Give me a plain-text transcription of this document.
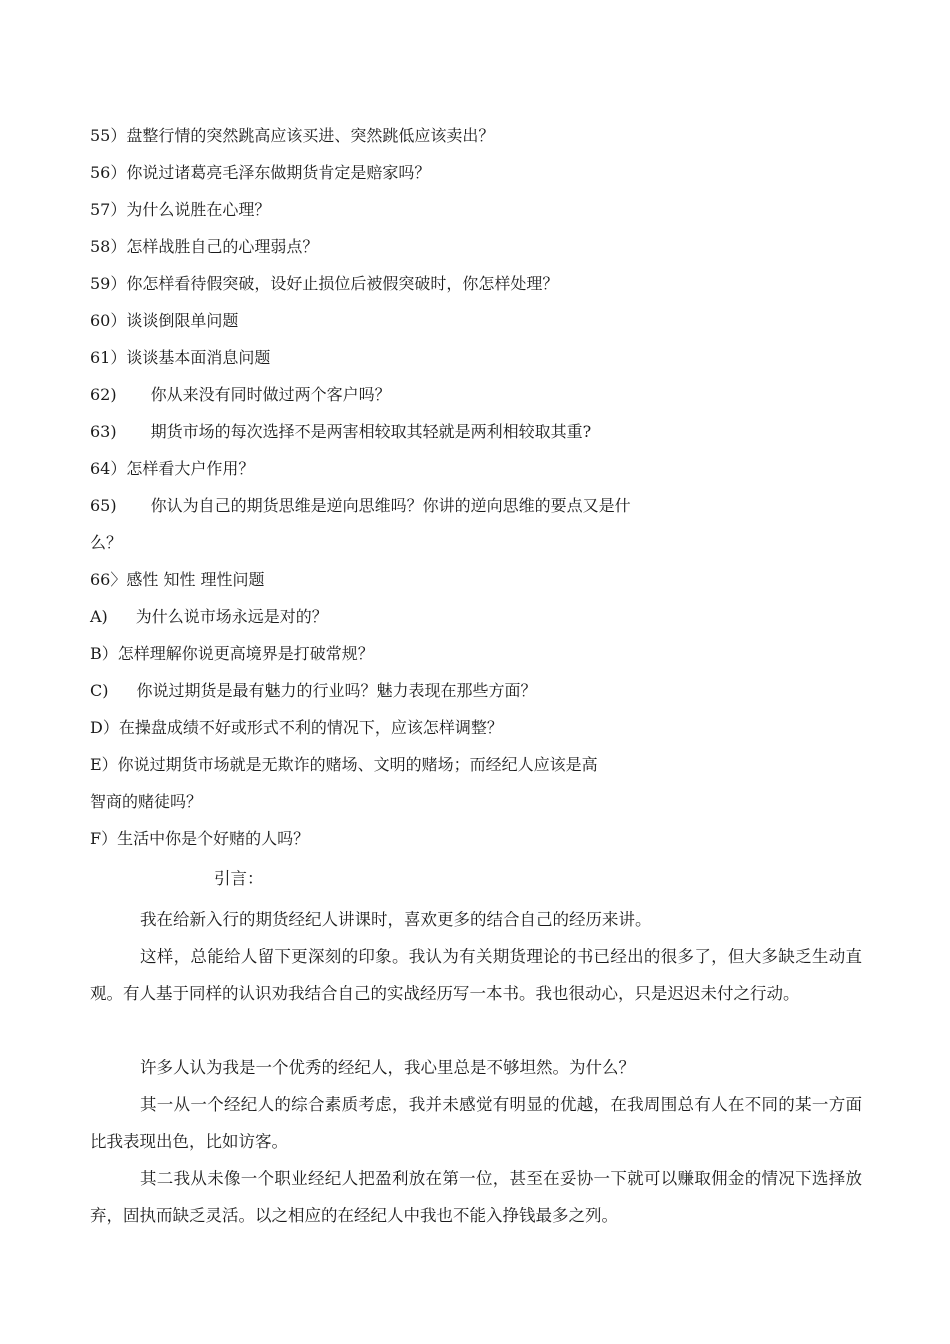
55）盘整行情的突然跳高应该买进、突然跳低应该卖出？
56）你说过诸葛亮毛泽东做期货肯定是赔家吗？
57）为什么说胜在心理？
58）怎样战胜自己的心理弱点？
59）你怎样看待假突破，设好止损位后被假突破时，你怎样处理？
60）谈谈倒限单问题
61）谈谈基本面消息问题
62) 你从来没有同时做过两个客户吗？
63) 期货市场的每次选择不是两害相较取其轻就是两利相较取其重?
64）怎样看大户作用？
65) 你认为自己的期货思维是逆向思维吗？你讲的逆向思维的要点又是什
么？
66〉感性 知性 理性问题
A) 为什么说市场永远是对的？
B）怎样理解你说更高境界是打破常规？
C) 你说过期货是最有魅力的行业吗？魅力表现在那些方面？
D）在操盘成绩不好或形式不利的情况下，应该怎样调整？
E）你说过期货市场就是无欺诈的赌场、文明的赌场；而经纪人应该是高
智商的赌徒吗？
F）生活中你是个好赌的人吗？
引言：

我在给新入行的期货经纪人讲课时，喜欢更多的结合自己的经历来讲。

这样，总能给人留下更深刻的印象。我认为有关期货理论的书已经出的很多了，但大多缺乏生动直观。有人基于同样的认识劝我结合自己的实战经历写一本书。我也很动心，只是迟迟未付之行动。

许多人认为我是一个优秀的经纪人，我心里总是不够坦然。为什么？

其一从一个经纪人的综合素质考虑，我并未感觉有明显的优越，在我周围总有人在不同的某一方面比我表现出色，比如访客。

其二我从未像一个职业经纪人把盈利放在第一位，甚至在妥协一下就可以赚取佣金的情况下选择放弃，固执而缺乏灵活。以之相应的在经纪人中我也不能入挣钱最多之列。
